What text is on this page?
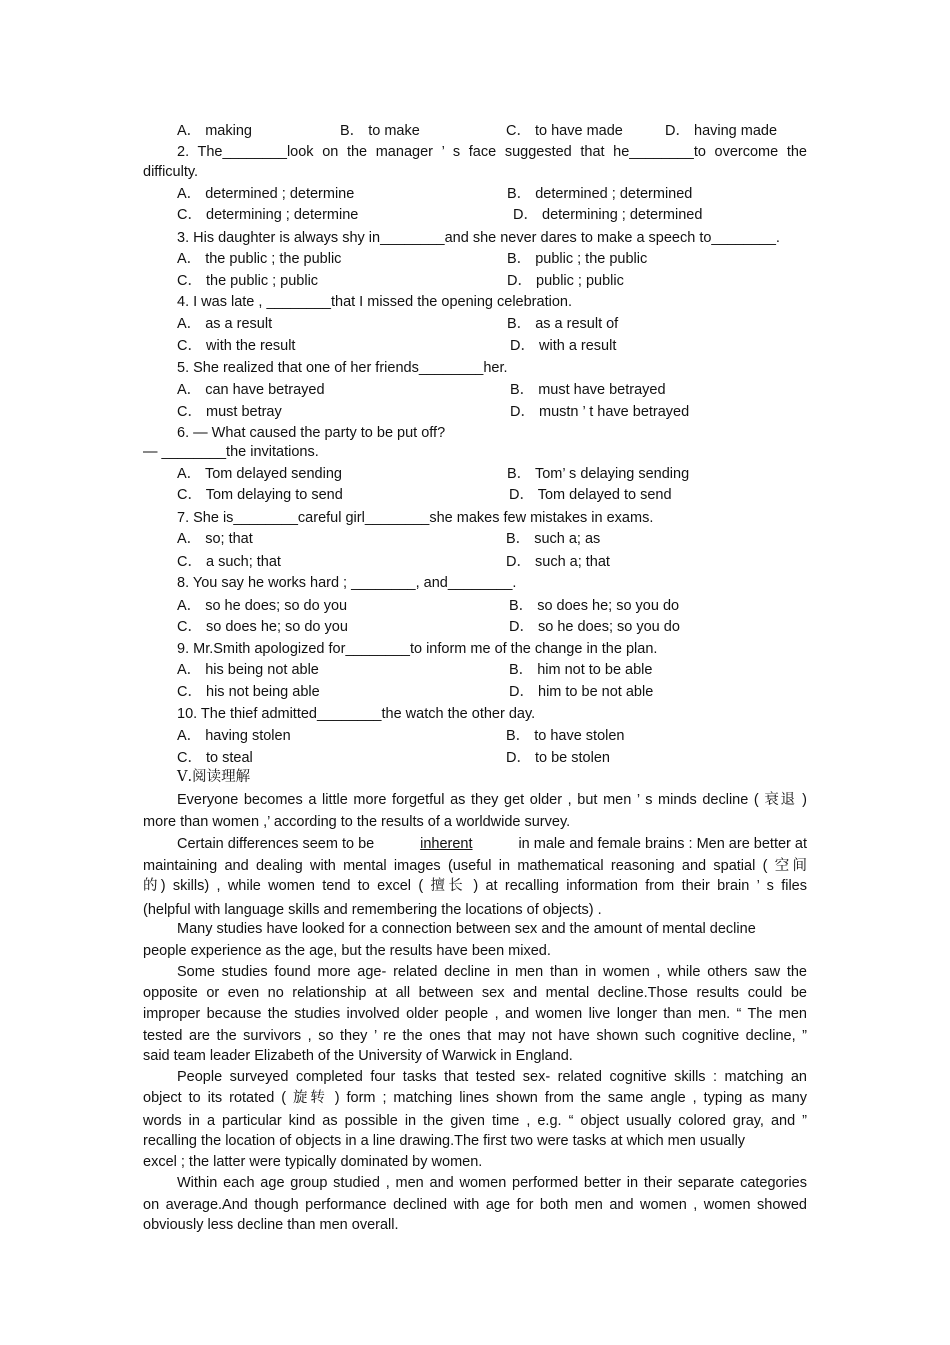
A． making	B． to make	C． to have made	D． having made
2. The________look on the manager ’ s face suggested that he________to overcome the
difficulty.
A． determined ; determine	B． determined ; determined
C． determining ; determine	D． determining ; determined
3. His daughter is always shy in________and she never dares to make a speech to________.
A． the public ; the public	B． public ; the public
C． the public ; public	D． public ; public
4. I was late , ________that I missed the opening celebration.
A． as a result	B． as a result of
C． with the result	D． with a result
5. She realized that one of her friends________her.
A． can have betrayed	B． must have betrayed
C． must betray	D． mustn ’ t have betrayed
6. — What caused the party to be put off?
— ________the invitations.
A． Tom delayed sending	B． Tom’ s delaying sending
C． Tom delaying to send	D． Tom delayed to send
7. She is________careful girl________she makes few mistakes in exams.
A． so; that	B． such a; as
C． a such; that	D． such a; that
8. You say he works hard ; ________, and________.
A． so he does; so do you	B． so does he; so you do
C． so does he; so do you	D． so he does; so you do
9. Mr.Smith apologized for________to inform me of the change in the plan.
A． his being not able	B． him not to be able
C． his not being able	D． him to be not able
10. The thief admitted________the watch the other day.
A． having stolen	B． to have stolen
C． to steal	D． to be stolen
Ⅴ.阅读理解
Everyone becomes a little more forgetful as they get older , but men ’ s minds decline ( 衰退 )
more than women ,’ according to the results of a worldwide survey.
Certain differences seem to be	inherent	in male and female brains : Men are better at
maintaining and dealing with mental images (useful in mathematical reasoning and spatial ( 空间
的) skills) , while women tend to excel ( 擅长 ) at recalling information from their brain ’ s files
(helpful with language skills and remembering the locations of objects) .
Many studies have looked for a connection between sex and the amount of mental decline
people experience as the age, but the results have been mixed.
Some studies found more age- related decline in men than in women , while others saw the
opposite or even no relationship at all between sex and mental decline.Those results could be
improper because the studies involved older people , and women live longer than men. “ The men
tested are the survivors , so they ’ re the ones that may not have shown such cognitive decline, ”
said team leader Elizabeth of the University of Warwick in England.
People surveyed completed four tasks that tested sex- related cognitive skills : matching an
object to its rotated ( 旋转 ) form ; matching lines shown from the same angle , typing as many
words in a particular kind as possible in the given time , e.g. “ object usually colored gray, and ”
recalling the location of objects in a line drawing.The first two were tasks at which men usually
excel ; the latter were typically dominated by women.
Within each age group studied , men and women performed better in their separate categories
on average.And though performance declined with age for both men and women , women showed
obviously less decline than men overall.
